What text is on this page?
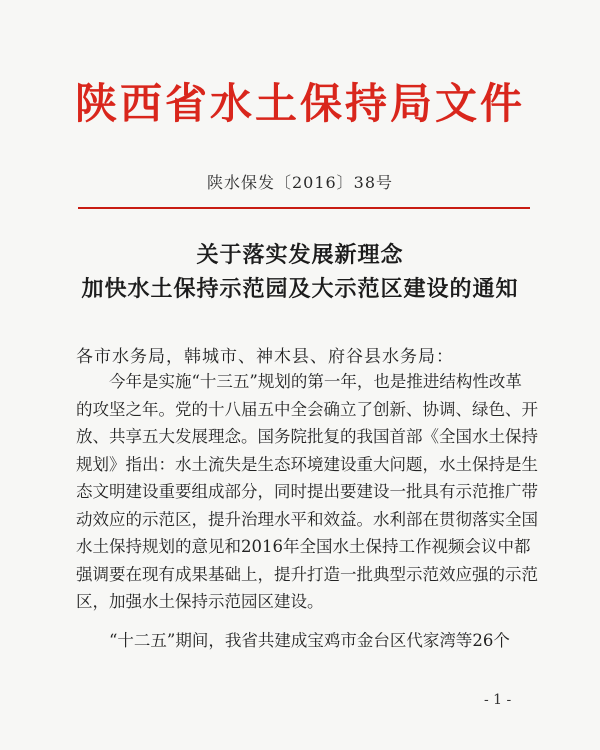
陕西省水土保持局文件
陕水保发〔2016〕38号
关于落实发展新理念
加快水土保持示范园及大示范区建设的通知
各市水务局，韩城市、神木县、府谷县水务局：
今年是实施“十三五”规划的第一年，也是推进结构性改革
的攻坚之年。党的十八届五中全会确立了创新、协调、绿色、开
放、共享五大发展理念。国务院批复的我国首部《全国水土保持
规划》指出：水土流失是生态环境建设重大问题，水土保持是生
态文明建设重要组成部分，同时提出要建设一批具有示范推广带
动效应的示范区，提升治理水平和效益。水利部在贯彻落实全国
水土保持规划的意见和2016年全国水土保持工作视频会议中都
强调要在现有成果基础上，提升打造一批典型示范效应强的示范
区，加强水土保持示范园区建设。
“十二五”期间，我省共建成宝鸡市金台区代家湾等26个
- 1 -
